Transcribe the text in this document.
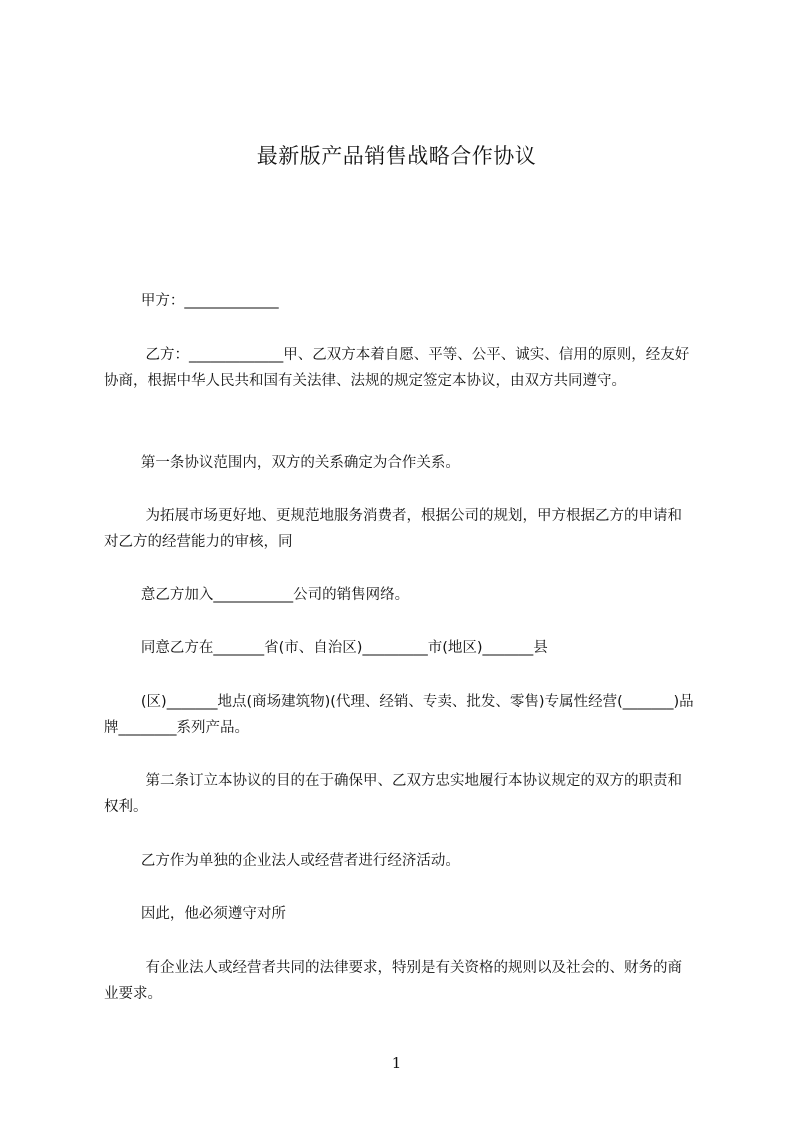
最新版产品销售战略合作协议
甲方：_____________
乙方：_____________甲、乙双方本着自愿、平等、公平、诚实、信用的原则，经友好协商，根据中华人民共和国有关法律、法规的规定签定本协议，由双方共同遵守。
第一条协议范围内，双方的关系确定为合作关系。
为拓展市场更好地、更规范地服务消费者，根据公司的规划，甲方根据乙方的申请和对乙方的经营能力的审核，同
意乙方加入___________公司的销售网络。
同意乙方在_______省(市、自治区)_________市(地区)_______县
(区)_______地点(商场建筑物)(代理、经销、专卖、批发、零售)专属性经营(_______)品牌________系列产品。
第二条订立本协议的目的在于确保甲、乙双方忠实地履行本协议规定的双方的职责和权利。
乙方作为单独的企业法人或经营者进行经济活动。
因此，他必须遵守对所
有企业法人或经营者共同的法律要求，特别是有关资格的规则以及社会的、财务的商业要求。
1
